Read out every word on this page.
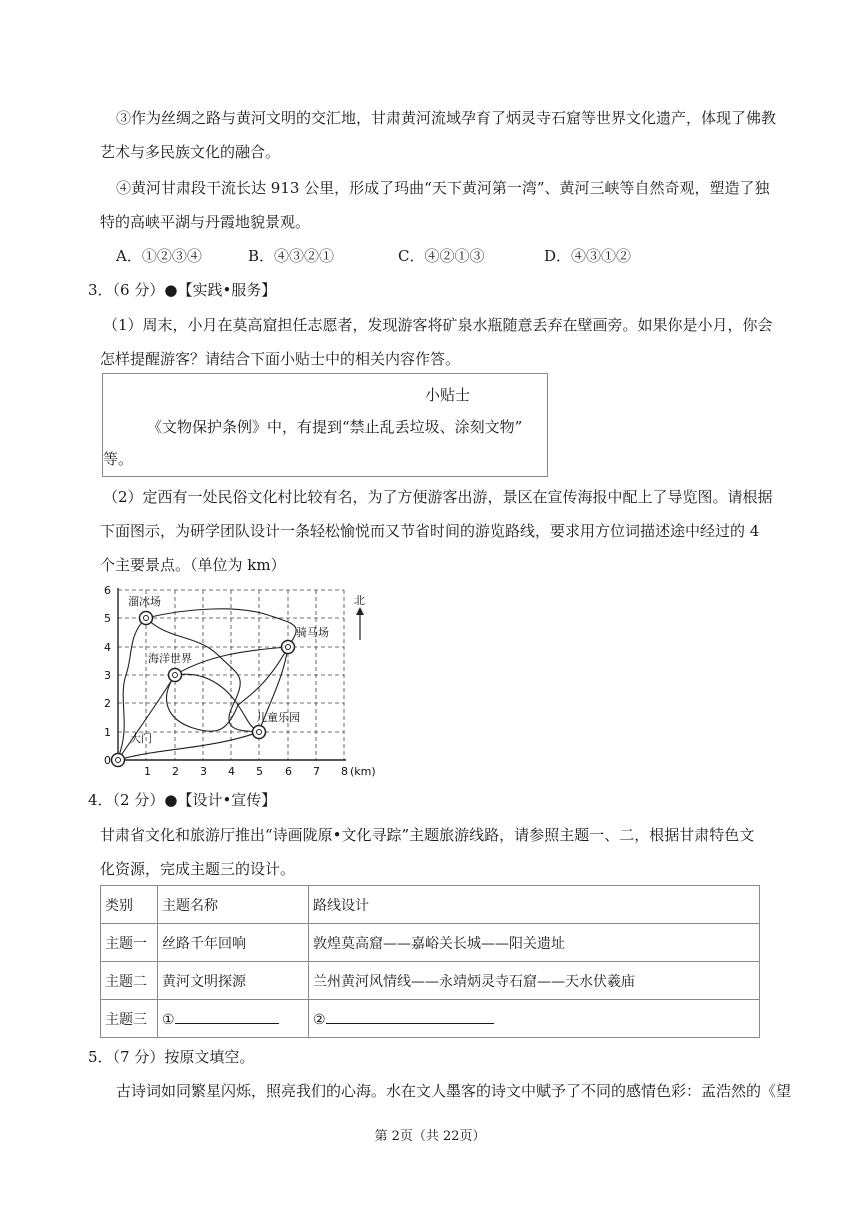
③作为丝绸之路与黄河文明的交汇地，甘肃黄河流域孕育了炳灵寺石窟等世界文化遗产，体现了佛教
艺术与多民族文化的融合。
④黄河甘肃段干流长达 913 公里，形成了玛曲“天下黄河第一湾”、黄河三峡等自然奇观，塑造了独
特的高峡平湖与丹霞地貌景观。
A．①②③④	B．④③②①	C．④②①③	D．④③①②
3．（6 分）●【实践•服务】
（1）周末，小月在莫高窟担任志愿者，发现游客将矿泉水瓶随意丢弃在壁画旁。如果你是小月，你会
怎样提醒游客？请结合下面小贴士中的相关内容作答。
小贴士
《文物保护条例》中，有提到“禁止乱丢垃圾、涂刻文物”
等。
（2）定西有一处民俗文化村比较有名，为了方便游客出游，景区在宣传海报中配上了导览图。请根据
下面图示，为研学团队设计一条轻松愉悦而又节省时间的游览路线，要求用方位词描述途中经过的 4
个主要景点。（单位为 km）
溜冰场
骑马场
海洋世界
儿童乐园
大门
北
1 2 3 4 5 6 7 8 (km)
0
1
2
3
4
5
6
4．（2 分）●【设计•宣传】
甘肃省文化和旅游厅推出“诗画陇原•文化寻踪”主题旅游线路，请参照主题一、二，根据甘肃特色文
化资源，完成主题三的设计。
类别	主题名称	路线设计
主题一	丝路千年回响	敦煌莫高窟——嘉峪关长城——阳关遗址
主题二	黄河文明探源	兰州黄河风情线——永靖炳灵寺石窟——天水伏羲庙
主题三	①	②
5．（7 分）按原文填空。
古诗词如同繁星闪烁，照亮我们的心海。水在文人墨客的诗文中赋予了不同的感情色彩：孟浩然的《望
第 2页（共 22页）
